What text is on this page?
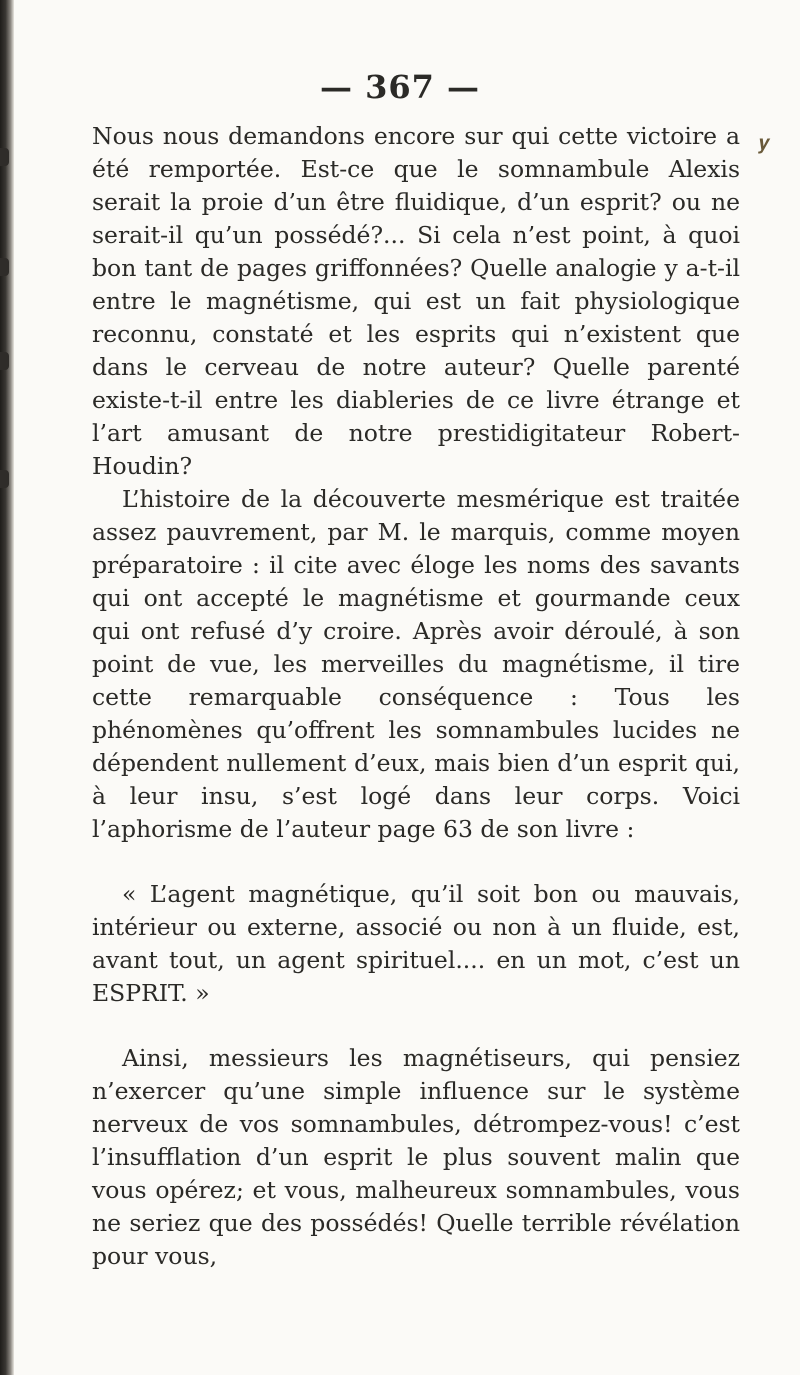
— 367 —
𝒚

Nous nous demandons encore sur qui cette victoire a été remportée. Est-ce que le somnambule Alexis serait la proie d’un être fluidique, d’un esprit? ou ne serait-il qu’un possédé?... Si cela n’est point, à quoi bon tant de pages griffonnées? Quelle analogie y a-t-il entre le magnétisme, qui est un fait physiologique reconnu, constaté et les esprits qui n’existent que dans le cerveau de notre auteur? Quelle parenté existe-t-il entre les diableries de ce livre étrange et l’art amusant de notre prestidigitateur Robert-Houdin?

L’histoire de la découverte mesmérique est traitée assez pauvrement, par M. le marquis, comme moyen préparatoire : il cite avec éloge les noms des savants qui ont accepté le magnétisme et gourmande ceux qui ont refusé d’y croire. Après avoir déroulé, à son point de vue, les merveilles du magnétisme, il tire cette remarquable conséquence : Tous les phénomènes qu’offrent les somnambules lucides ne dépendent nullement d’eux, mais bien d’un esprit qui, à leur insu, s’est logé dans leur corps. Voici l’aphorisme de l’auteur page 63 de son livre :

« L’agent magnétique, qu’il soit bon ou mauvais, intérieur ou externe, associé ou non à un fluide, est, avant tout, un agent spirituel.... en un mot, c’est un ESPRIT. »

Ainsi, messieurs les magnétiseurs, qui pensiez n’exercer qu’une simple influence sur le système nerveux de vos somnambules, détrompez-vous! c’est l’insufflation d’un esprit le plus souvent malin que vous opérez; et vous, malheureux somnambules, vous ne seriez que des possédés! Quelle terrible révélation pour vous,
